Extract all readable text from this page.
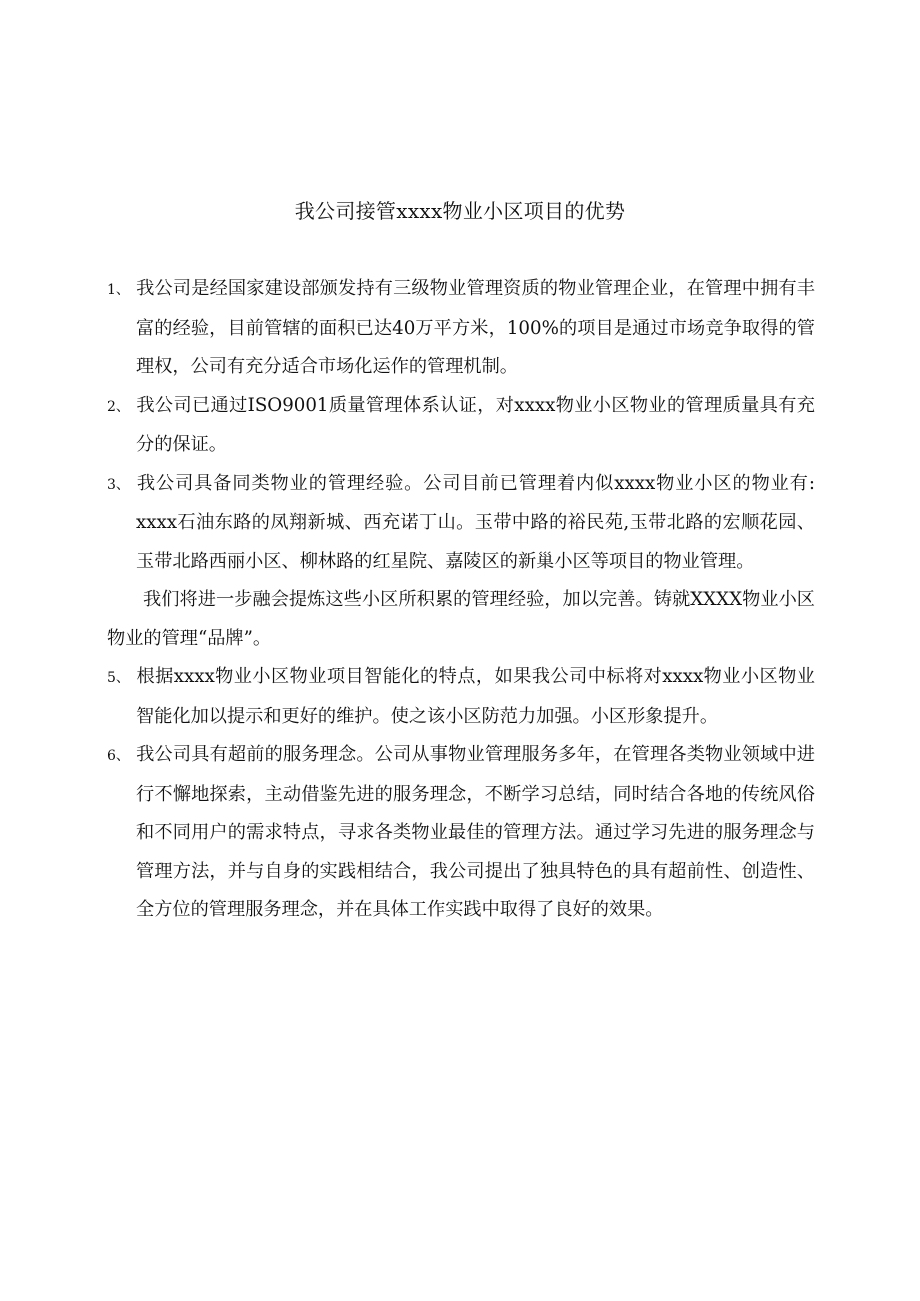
我公司接管xxxx物业小区项目的优势

1、 我公司是经国家建设部颁发持有三级物业管理资质的物业管理企业，在管理中拥有丰富的经验，目前管辖的面积已达40万平方米，100%的项目是通过市场竞争取得的管理权，公司有充分适合市场化运作的管理机制。

2、 我公司已通过ISO9001质量管理体系认证，对xxxx物业小区物业的管理质量具有充分的保证。

3、 我公司具备同类物业的管理经验。公司目前已管理着内似xxxx物业小区的物业有: xxxx石油东路的凤翔新城、西充诺丁山。玉带中路的裕民苑,玉带北路的宏顺花园、玉带北路西丽小区、柳林路的红星院、嘉陵区的新巢小区等项目的物业管理。

我们将进一步融会提炼这些小区所积累的管理经验，加以完善。铸就XXXX物业小区物业的管理“品牌”。

5、 根据xxxx物业小区物业项目智能化的特点，如果我公司中标将对xxxx物业小区物业智能化加以提示和更好的维护。使之该小区防范力加强。小区形象提升。

6、 我公司具有超前的服务理念。公司从事物业管理服务多年，在管理各类物业领域中进行不懈地探索，主动借鉴先进的服务理念，不断学习总结，同时结合各地的传统风俗和不同用户的需求特点，寻求各类物业最佳的管理方法。通过学习先进的服务理念与管理方法，并与自身的实践相结合，我公司提出了独具特色的具有超前性、创造性、全方位的管理服务理念，并在具体工作实践中取得了良好的效果。
